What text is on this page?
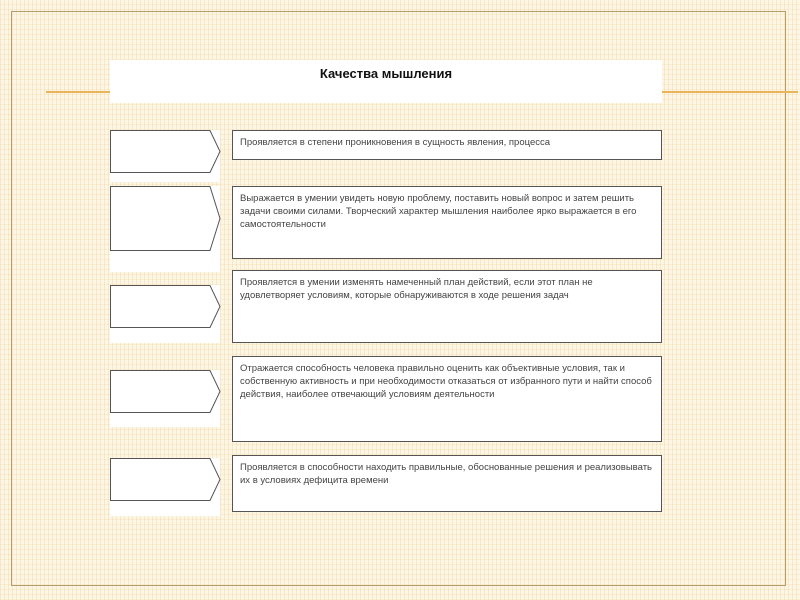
Качества мышления
Проявляется в степени проникновения в сущность явления, процесса
Выражается в умении увидеть новую проблему, поставить новый вопрос и затем решить задачи своими силами. Творческий характер мышления наиболее ярко выражается в его самостоятельности
Проявляется в умении изменять намеченный план действий, если этот план не удовлетворяет условиям, которые обнаруживаются в ходе решения задач
Отражается способность человека правильно оценить как объективные условия, так и собственную активность и при необходимости отказаться от избранного пути и найти способ действия, наиболее отвечающий условиям деятельности
Проявляется в способности находить правильные, обоснованные решения и реализовывать их в условиях дефицита времени
